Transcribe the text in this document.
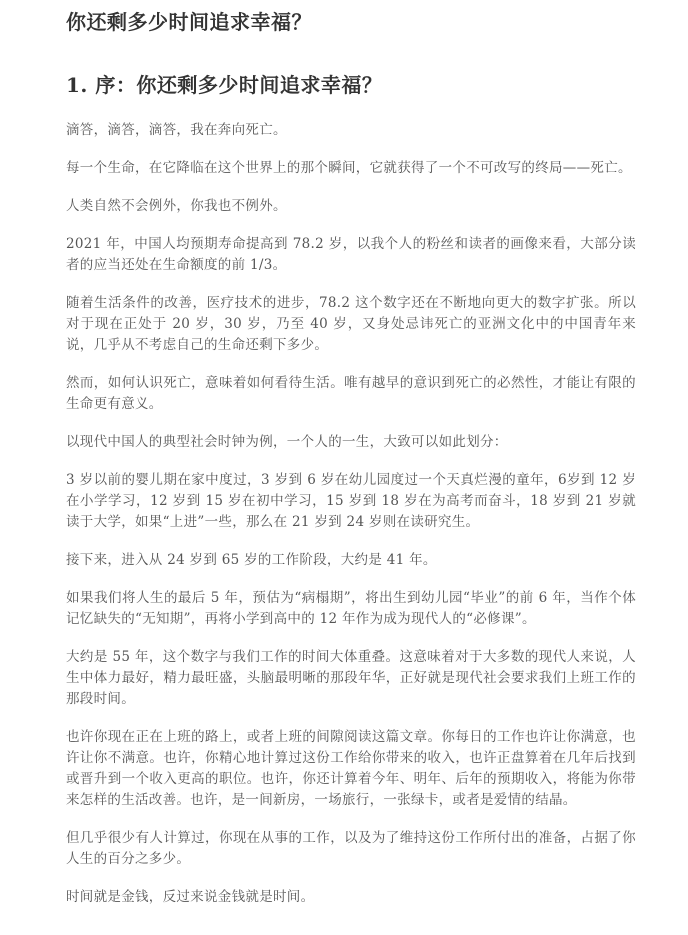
你还剩多少时间追求幸福？
1. 序：你还剩多少时间追求幸福？

滴答，滴答，滴答，我在奔向死亡。

每一个生命，在它降临在这个世界上的那个瞬间，它就获得了一个不可改写的终局——死亡。

人类自然不会例外，你我也不例外。

2021 年，中国人均预期寿命提高到 78.2 岁，以我个人的粉丝和读者的画像来看，大部分读者的应当还处在生命额度的前 1/3。

随着生活条件的改善，医疗技术的进步，78.2 这个数字还在不断地向更大的数字扩张。所以对于现在正处于 20 岁，30 岁，乃至 40 岁，又身处忌讳死亡的亚洲文化中的中国青年来说，几乎从不考虑自己的生命还剩下多少。

然而，如何认识死亡，意味着如何看待生活。唯有越早的意识到死亡的必然性，才能让有限的生命更有意义。

以现代中国人的典型社会时钟为例，一个人的一生，大致可以如此划分：

3 岁以前的婴儿期在家中度过，3 岁到 6 岁在幼儿园度过一个天真烂漫的童年，6岁到 12 岁在小学学习，12 岁到 15 岁在初中学习，15 岁到 18 岁在为高考而奋斗，18 岁到 21 岁就读于大学，如果“上进”一些，那么在 21 岁到 24 岁则在读研究生。

接下来，进入从 24 岁到 65 岁的工作阶段，大约是 41 年。

如果我们将人生的最后 5 年，预估为“病榻期”，将出生到幼儿园“毕业”的前 6 年，当作个体记忆缺失的“无知期”，再将小学到高中的 12 年作为成为现代人的“必修课”。

大约是 55 年，这个数字与我们工作的时间大体重叠。这意味着对于大多数的现代人来说，人生中体力最好，精力最旺盛，头脑最明晰的那段年华，正好就是现代社会要求我们上班工作的那段时间。

也许你现在正在上班的路上，或者上班的间隙阅读这篇文章。你每日的工作也许让你满意，也许让你不满意。也许，你精心地计算过这份工作给你带来的收入，也许正盘算着在几年后找到或晋升到一个收入更高的职位。也许，你还计算着今年、明年、后年的预期收入，将能为你带来怎样的生活改善。也许，是一间新房，一场旅行，一张绿卡，或者是爱情的结晶。

但几乎很少有人计算过，你现在从事的工作，以及为了维持这份工作所付出的准备，占据了你人生的百分之多少。

时间就是金钱，反过来说金钱就是时间。
